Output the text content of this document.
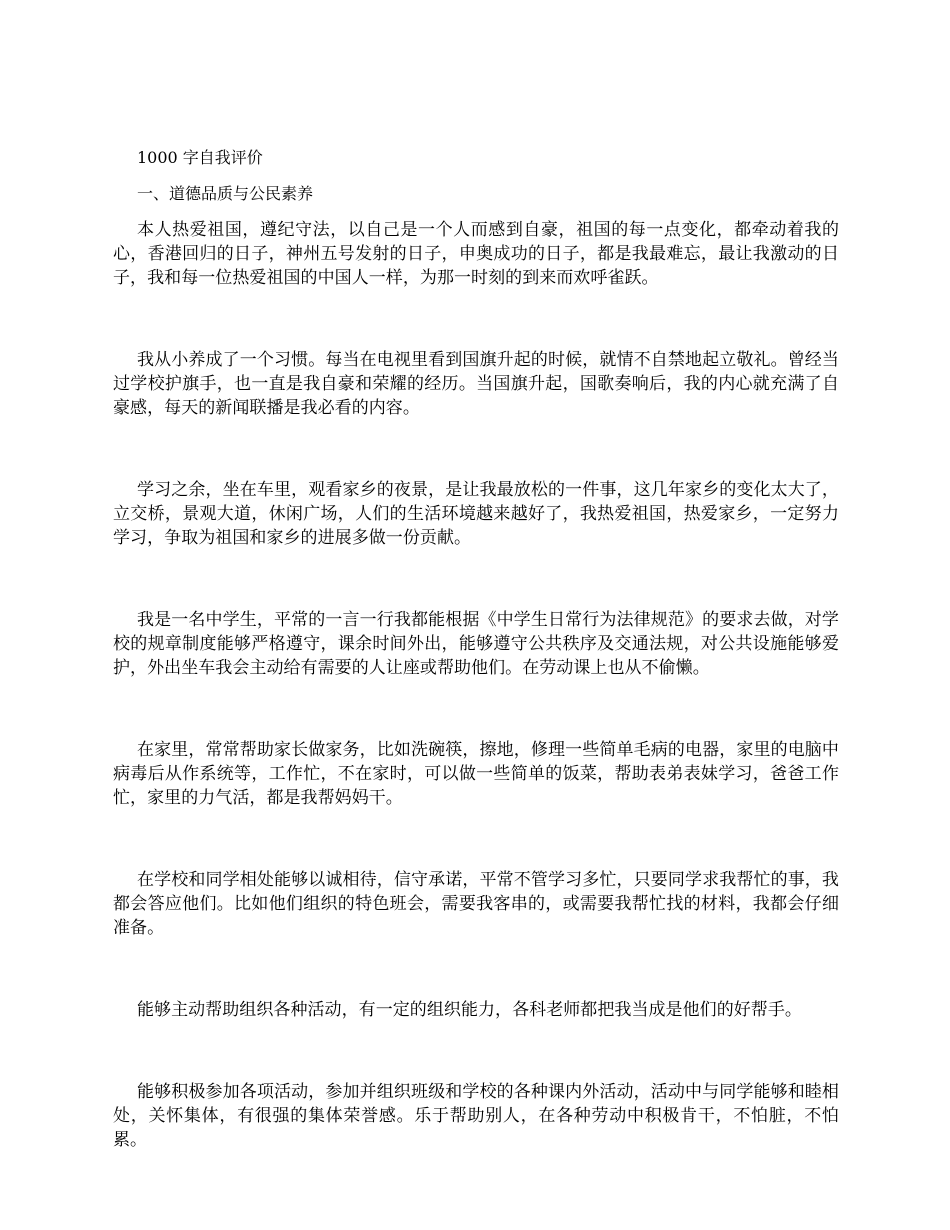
1000 字自我评价
一、道德品质与公民素养

本人热爱祖国，遵纪守法，以自己是一个人而感到自豪，祖国的每一点变化，都牵动着我的心，香港回归的日子，神州五号发射的日子，申奥成功的日子，都是我最难忘，最让我激动的日子，我和每一位热爱祖国的中国人一样，为那一时刻的到来而欢呼雀跃。

我从小养成了一个习惯。每当在电视里看到国旗升起的时候，就情不自禁地起立敬礼。曾经当过学校护旗手，也一直是我自豪和荣耀的经历。当国旗升起，国歌奏响后，我的内心就充满了自豪感，每天的新闻联播是我必看的内容。

学习之余，坐在车里，观看家乡的夜景，是让我最放松的一件事，这几年家乡的变化太大了，立交桥，景观大道，休闲广场，人们的生活环境越来越好了，我热爱祖国，热爱家乡，一定努力学习，争取为祖国和家乡的进展多做一份贡献。

我是一名中学生，平常的一言一行我都能根据《中学生日常行为法律规范》的要求去做，对学校的规章制度能够严格遵守，课余时间外出，能够遵守公共秩序及交通法规，对公共设施能够爱护，外出坐车我会主动给有需要的人让座或帮助他们。在劳动课上也从不偷懒。

在家里，常常帮助家长做家务，比如洗碗筷，擦地，修理一些简单毛病的电器，家里的电脑中病毒后从作系统等，工作忙，不在家时，可以做一些简单的饭菜，帮助表弟表妹学习，爸爸工作忙，家里的力气活，都是我帮妈妈干。

在学校和同学相处能够以诚相待，信守承诺，平常不管学习多忙，只要同学求我帮忙的事，我都会答应他们。比如他们组织的特色班会，需要我客串的，或需要我帮忙找的材料，我都会仔细准备。

能够主动帮助组织各种活动，有一定的组织能力，各科老师都把我当成是他们的好帮手。

能够积极参加各项活动，参加并组织班级和学校的各种课内外活动，活动中与同学能够和睦相处，关怀集体，有很强的集体荣誉感。乐于帮助别人，在各种劳动中积极肯干，不怕脏，不怕累。
